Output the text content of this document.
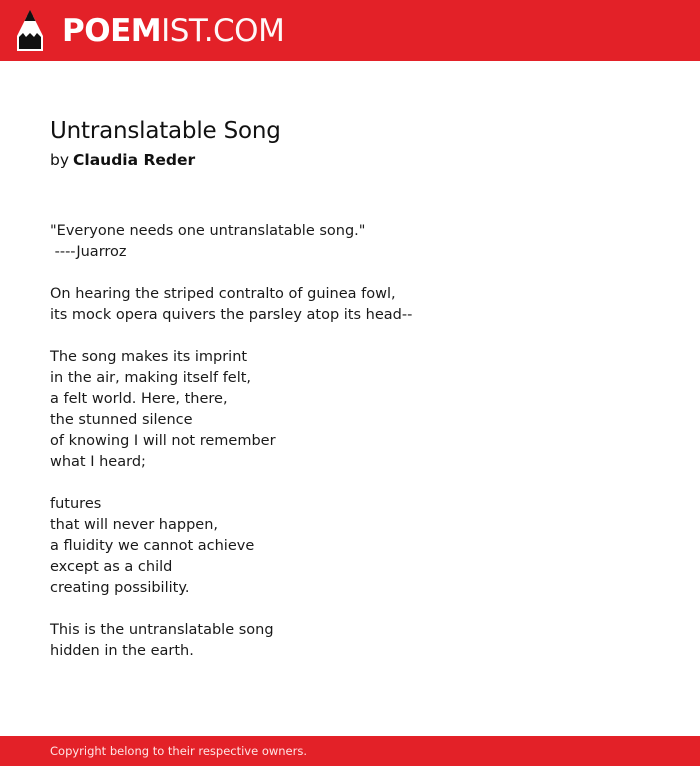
POEMIST.COM
Untranslatable Song
by Claudia Reder
"Everyone needs one untranslatable song."
----Juarroz
On hearing the striped contralto of guinea fowl,
its mock opera quivers the parsley atop its head--
The song makes its imprint
in the air, making itself felt,
a felt world. Here, there,
the stunned silence
of knowing I will not remember
what I heard;
futures
that will never happen,
a fluidity we cannot achieve
except as a child
creating possibility.
This is the untranslatable song
hidden in the earth.
Copyright belong to their respective owners.
